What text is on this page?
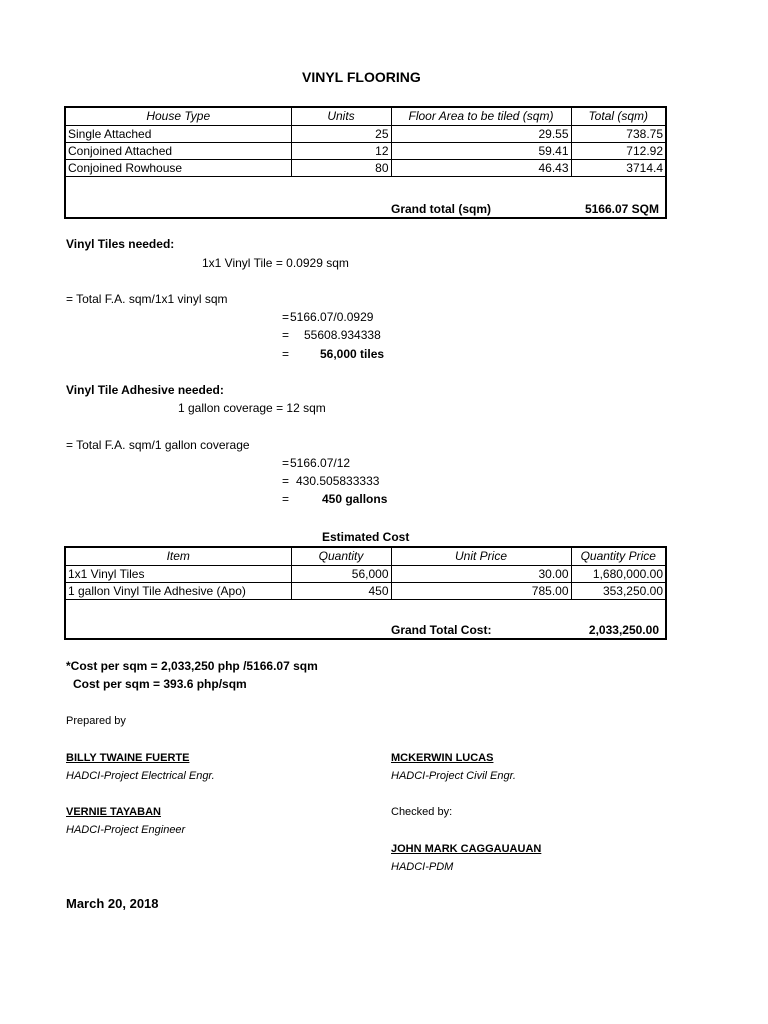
VINYL FLOORING
House Type	Units	Floor Area to be tiled (sqm)	Total (sqm)
Single Attached	25	29.55	738.75
Conjoined Attached	12	59.41	712.92
Conjoined Rowhouse	80	46.43	3714.4
Grand total (sqm)	5166.07 SQM
Vinyl Tiles needed:
1x1 Vinyl Tile = 0.0929 sqm
= Total F.A. sqm/1x1 vinyl sqm
= 5166.07/0.0929
= 55608.934338
=	56,000 tiles
Vinyl Tile Adhesive needed:
1 gallon coverage = 12 sqm
= Total F.A. sqm/1 gallon coverage
= 5166.07/12
= 430.505833333
=	450 gallons
Estimated Cost
Item	Quantity	Unit Price	Quantity Price
1x1 Vinyl Tiles	56,000	30.00	1,680,000.00
1 gallon Vinyl Tile Adhesive (Apo)	450	785.00	353,250.00
Grand Total Cost:	2,033,250.00
*Cost per sqm = 2,033,250 php /5166.07 sqm
Cost per sqm = 393.6 php/sqm
Prepared by
BILLY TWAINE FUERTE
HADCI-Project Electrical Engr.
MCKERWIN LUCAS
HADCI-Project Civil Engr.
VERNIE TAYABAN
HADCI-Project Engineer
Checked by:
JOHN MARK CAGGAUAUAN
HADCI-PDM
March 20, 2018
